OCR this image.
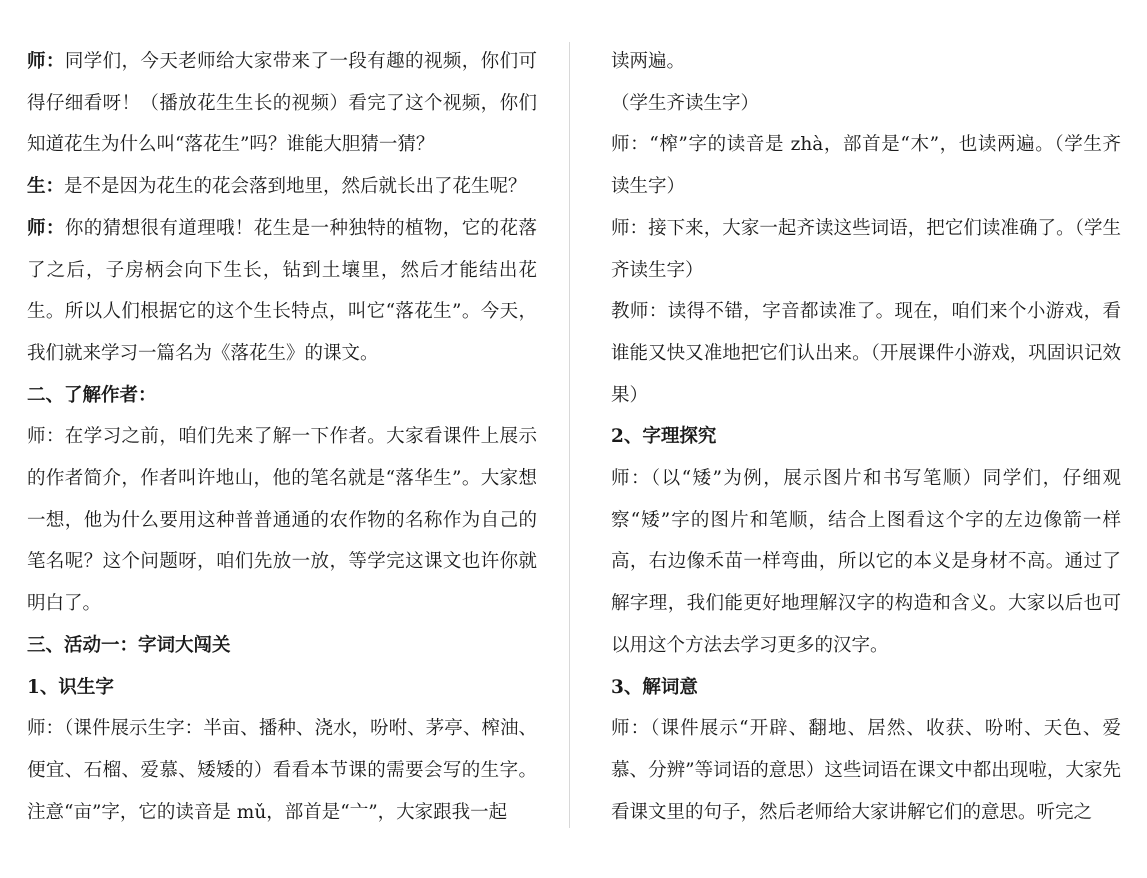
师：同学们，今天老师给大家带来了一段有趣的视频，你们可得仔细看呀！（播放花生生长的视频）看完了这个视频，你们知道花生为什么叫“落花生”吗？谁能大胆猜一猜？

生：是不是因为花生的花会落到地里，然后就长出了花生呢？

师：你的猜想很有道理哦！花生是一种独特的植物，它的花落了之后，子房柄会向下生长，钻到土壤里，然后才能结出花生。所以人们根据它的这个生长特点，叫它“落花生”。今天，我们就来学习一篇名为《落花生》的课文。

二、了解作者：

师：在学习之前，咱们先来了解一下作者。大家看课件上展示的作者简介，作者叫许地山，他的笔名就是“落华生”。大家想一想，他为什么要用这种普普通通的农作物的名称作为自己的笔名呢？这个问题呀，咱们先放一放，等学完这课文也许你就明白了。

三、活动一：字词大闯关

1、识生字

师：（课件展示生字：半亩、播种、浇水，吩咐、茅亭、榨油、便宜、石榴、爱慕、矮矮的）看看本节课的需要会写的生字。注意“亩”字，它的读音是 mǔ，部首是“亠”，大家跟我一起

读两遍。

（学生齐读生字）

师：“榨”字的读音是 zhà，部首是“木”，也读两遍。（学生齐读生字）

师：接下来，大家一起齐读这些词语，把它们读准确了。（学生齐读生字）

教师：读得不错，字音都读准了。现在，咱们来个小游戏，看谁能又快又准地把它们认出来。（开展课件小游戏，巩固识记效果）

2、字理探究

师：（以“矮”为例，展示图片和书写笔顺）同学们，仔细观察“矮”字的图片和笔顺，结合上图看这个字的左边像箭一样高，右边像禾苗一样弯曲，所以它的本义是身材不高。通过了解字理，我们能更好地理解汉字的构造和含义。大家以后也可以用这个方法去学习更多的汉字。

3、解词意

师：（课件展示“开辟、翻地、居然、收获、吩咐、天色、爱慕、分辨”等词语的意思）这些词语在课文中都出现啦，大家先看课文里的句子，然后老师给大家讲解它们的意思。听完之
